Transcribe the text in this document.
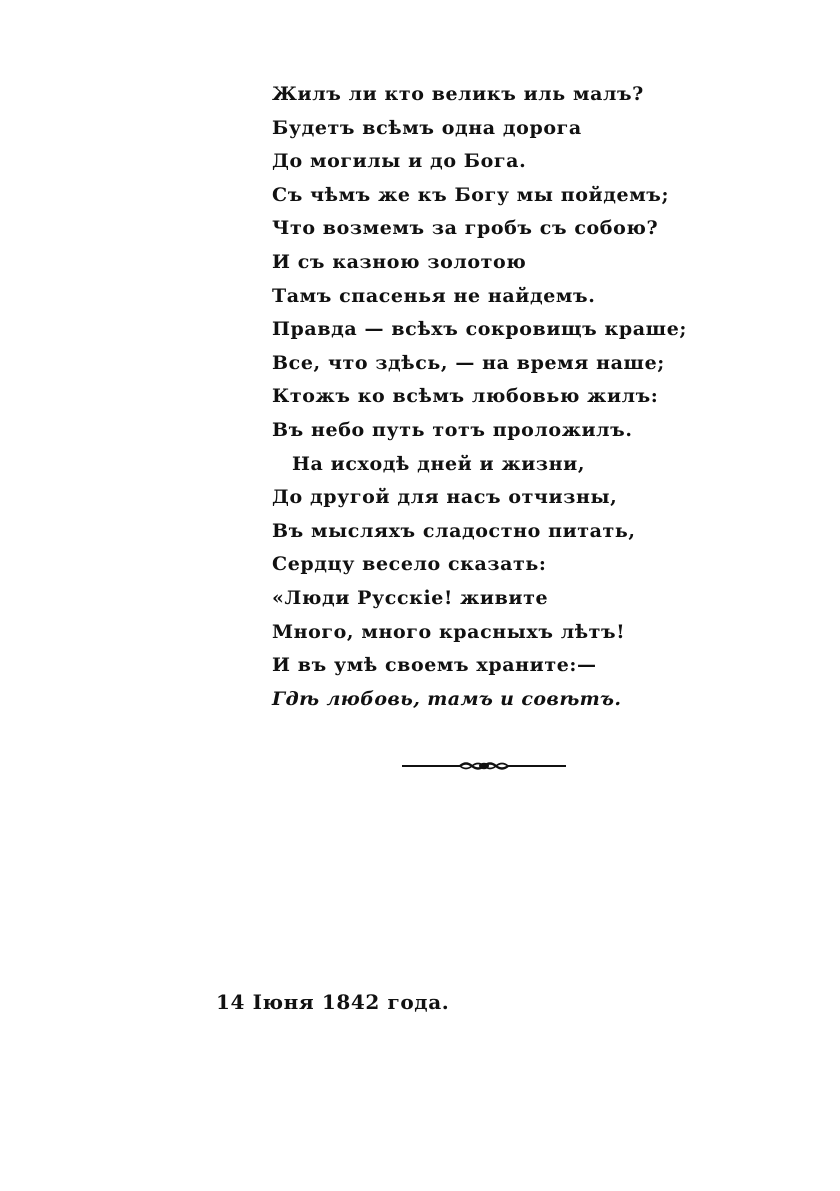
Жилъ ли кто великъ иль малъ?
Будетъ всѣмъ одна дорога
До могилы и до Бога.
Съ чѣмъ же къ Богу мы пойдемъ;
Что возмемъ за гробъ съ собою?
И съ казною золотою
Тамъ спасенья не найдемъ.
Правда — всѣхъ сокровищъ краше;
Все, что здѣсь, — на время наше;
Ктожъ ко всѣмъ любовью жилъ:
Въ небо путь тотъ проложилъ.
На исходѣ дней и жизни,
До другой для насъ отчизны,
Въ мысляхъ сладостно питать,
Сердцу весело сказать:
«Люди Русскіе! живите
Много, много красныхъ лѣтъ!
И въ умѣ своемъ храните:—
Гдѣ любовь, тамъ и совѣтъ.
14 Іюня 1842 года.
